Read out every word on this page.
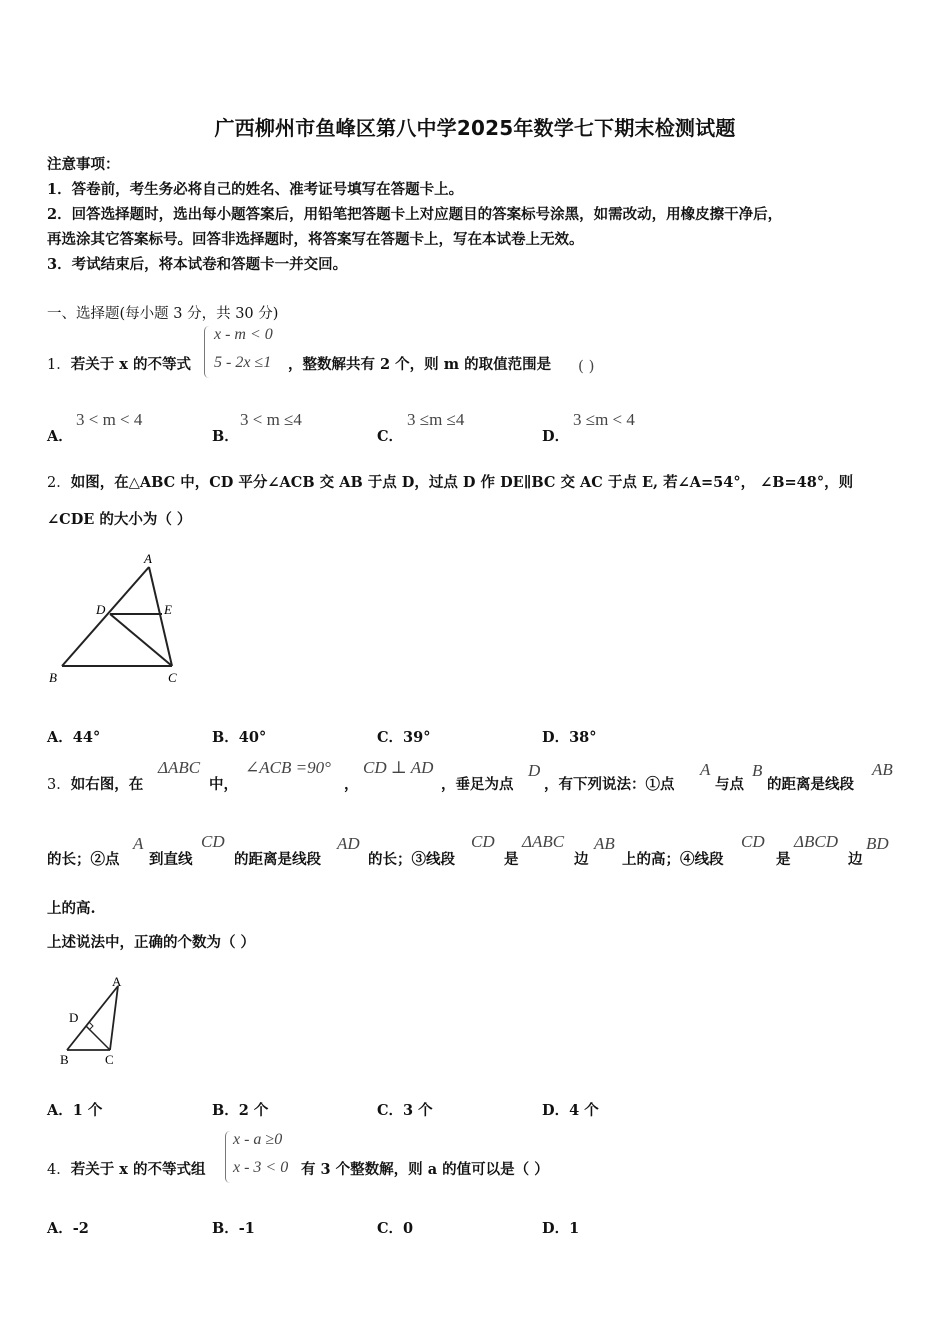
广西柳州市鱼峰区第八中学2025年数学七下期末检测试题
注意事项：
1．答卷前，考生务必将自己的姓名、准考证号填写在答题卡上。
2．回答选择题时，选出每小题答案后，用铅笔把答题卡上对应题目的答案标号涂黑，如需改动，用橡皮擦干净后，
再选涂其它答案标号。回答非选择题时，将答案写在答题卡上，写在本试卷上无效。
3．考试结束后，将本试卷和答题卡一并交回。
一、选择题(每小题 3 分，共 30 分)
1．若关于 x 的不等式
x - m < 0
5 - 2x ≤1 ，整数解共有 2 个，则 m 的取值范围是 ( )
A．
3 < m < 4
B．
3 < m ≤4
C．
3 ≤m ≤4
D．
3 ≤m < 4
2．如图，在△ABC 中，CD 平分∠ACB 交 AB 于点 D，过点 D 作 DE∥BC 交 AC 于点 E, 若∠A=54°， ∠B=48°，则
∠CDE 的大小为（ ）
A
D	E
B	C
A．44°	B．40°	C．39°	D．38°
3．如右图，在
ΔABC
中，
∠ACB =90°
，
CD ⊥ AD
，垂足为点
D
，有下列说法：①点
A
与点
B
的距离是线段
AB
的长；②点
A
到直线
CD
的距离是线段
AD
的长；③线段
CD
是
ΔABC
边
AB
上的高；④线段
CD
是
ΔBCD
边
BD
上的高.
上述说法中，正确的个数为（ ）
A
D
B	C
A．1 个	B．2 个	C．3 个	D．4 个
4．若关于 x 的不等式组
x - a ≥0
x - 3 < 0 有 3 个整数解，则 a 的值可以是（ ）
A．-2	B．-1	C．0	D．1
